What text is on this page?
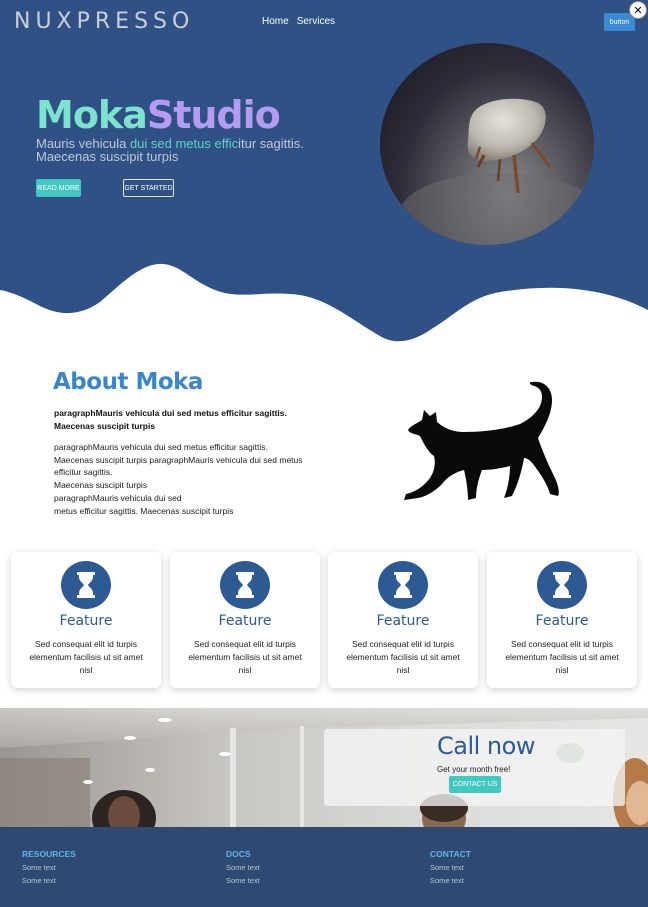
NUXPRESSO	Home Services	button
✕
MokaStudio

Mauris vehicula dui sed metus efficitur sagittis. Maecenas suscipit turpis

READ MORE	GET STARTED
About Moka

paragraphMauris vehicula dui sed metus efficitur sagittis. Maecenas suscipit turpis

paragraphMauris vehicula dui sed metus efficitur sagittis.
Maecenas suscipit turpis paragraphMauris vehicula dui sed metus efficitur sagittis.
Maecenas suscipit turpis
paragraphMauris vehicula dui sed
metus efficitur sagittis. Maecenas suscipit turpis
Feature
Sed consequat elit id turpis elementum facilisis ut sit amet nisl
Feature
Sed consequat elit id turpis elementum facilisis ut sit amet nisl
Feature
Sed consequat elit id turpis elementum facilisis ut sit amet nisl
Feature
Sed consequat elit id turpis elementum facilisis ut sit amet nisl
Call now
Get your month free!
CONTACT US
RESOURCES
Some text
Some text
DOCS
Some text
Some text
CONTACT
Some text
Some text
